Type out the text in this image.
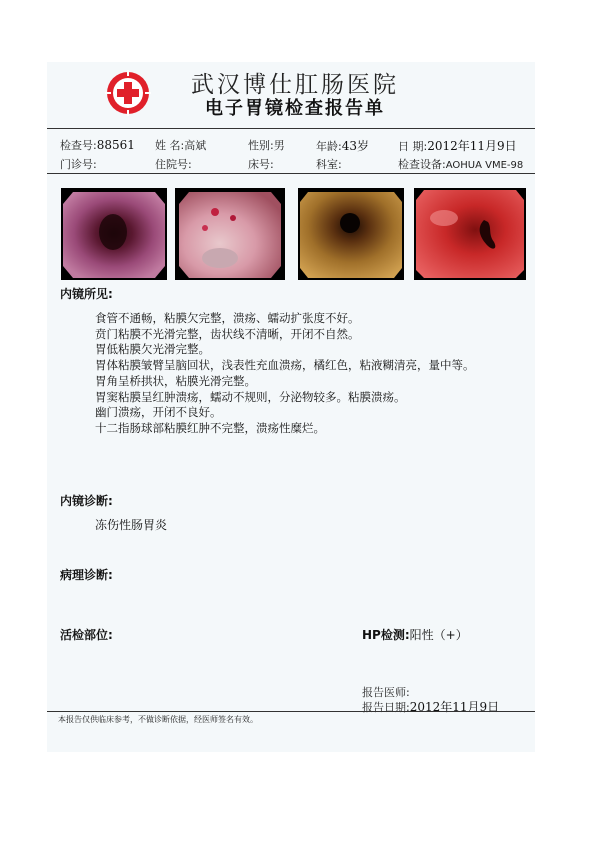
武汉博仕肛肠医院
电子胃镜检查报告单
检查号:88561 姓 名:高斌	性别:男	年龄:43岁	日 期:2012年11月9日
门诊号:	住院号:	床号:	科室:	检查设备:AOHUA VME-98
内镜所见:
食管不通畅，粘膜欠完整，溃疡、蠕动扩张度不好。
贲门粘膜不光滑完整，齿状线不清晰，开闭不自然。
胃低粘膜欠光滑完整。
胃体粘膜皱臂呈脑回状，浅表性充血溃疡，橘红色，粘液糊清亮，量中等。
胃角呈桥拱状，粘膜光滑完整。
胃窦粘膜呈红肿溃疡，蠕动不规则，分泌物较多。粘膜溃疡。
幽门溃疡，开闭不良好。
十二指肠球部粘膜红肿不完整，溃疡性糜烂。
内镜诊断:
冻伤性肠胃炎
病理诊断:
活检部位:	HP检测:阳性（+）
报告医师:
报告日期:2012年11月9日
本报告仅供临床参考，不做诊断依据，经医师签名有效。
